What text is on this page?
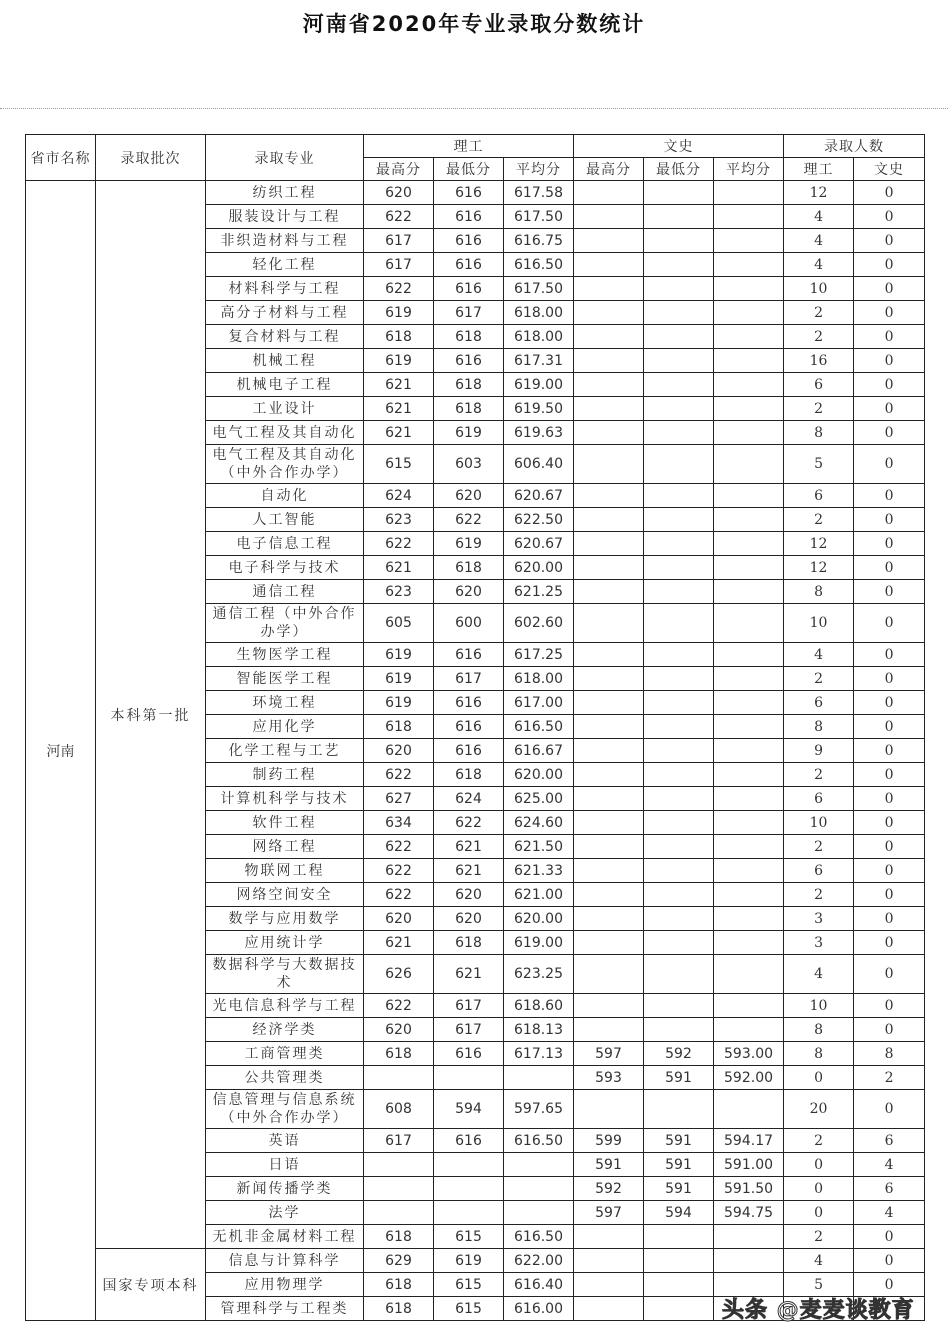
河南省2020年专业录取分数统计
省市名称	录取批次	录取专业	理工			文史			录取人数	
			最高分	最低分	平均分	最高分	最低分	平均分	理工	文史
河南	本科第一批	纺织工程	620	616	617.58				12	0
		服装设计与工程	622	616	617.50				4	0
		非织造材料与工程	617	616	616.75				4	0
		轻化工程	617	616	616.50				4	0
		材料科学与工程	622	616	617.50				10	0
		高分子材料与工程	619	617	618.00				2	0
		复合材料与工程	618	618	618.00				2	0
		机械工程	619	616	617.31				16	0
		机械电子工程	621	618	619.00				6	0
		工业设计	621	618	619.50				2	0
		电气工程及其自动化	621	619	619.63				8	0
		电气工程及其自动化（中外合作办学）	615	603	606.40				5	0
		自动化	624	620	620.67				6	0
		人工智能	623	622	622.50				2	0
		电子信息工程	622	619	620.67				12	0
		电子科学与技术	621	618	620.00				12	0
		通信工程	623	620	621.25				8	0
		通信工程（中外合作办学）	605	600	602.60				10	0
		生物医学工程	619	616	617.25				4	0
		智能医学工程	619	617	618.00				2	0
		环境工程	619	616	617.00				6	0
		应用化学	618	616	616.50				8	0
		化学工程与工艺	620	616	616.67				9	0
		制药工程	622	618	620.00				2	0
		计算机科学与技术	627	624	625.00				6	0
		软件工程	634	622	624.60				10	0
		网络工程	622	621	621.50				2	0
		物联网工程	622	621	621.33				6	0
		网络空间安全	622	620	621.00				2	0
		数学与应用数学	620	620	620.00				3	0
		应用统计学	621	618	619.00				3	0
		数据科学与大数据技术	626	621	623.25				4	0
		光电信息科学与工程	622	617	618.60				10	0
		经济学类	620	617	618.13				8	0
		工商管理类	618	616	617.13	597	592	593.00	8	8
		公共管理类				593	591	592.00	0	2
		信息管理与信息系统（中外合作办学）	608	594	597.65				20	0
		英语	617	616	616.50	599	591	594.17	2	6
		日语				591	591	591.00	0	4
		新闻传播学类				592	591	591.50	0	6
		法学				597	594	594.75	0	4
		无机非金属材料工程	618	615	616.50				2	0
	国家专项本科	信息与计算科学	629	619	622.00				4	0
		应用物理学	618	615	616.40				5	0
		管理科学与工程类	618	615	616.00						头条 @麦麦谈教育
